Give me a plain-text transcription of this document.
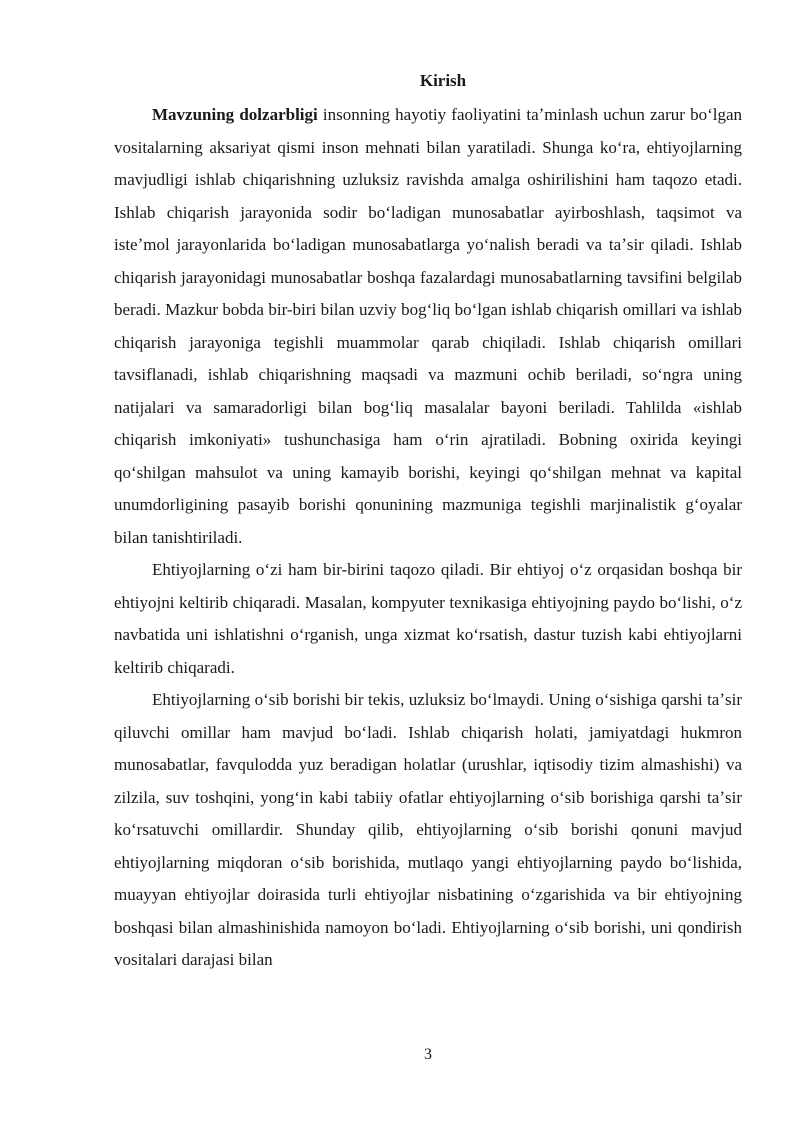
Kirish

Mavzuning dolzarbligi insonning hayotiy faoliyatini taʼminlash uchun zarur boʻlgan vositalarning aksariyat qismi inson mehnati bilan yaratiladi. Shunga koʻra, ehtiyojlarning mavjudligi ishlab chiqarishning uzluksiz ravishda amalga oshirilishini ham taqozo etadi. Ishlab chiqarish jarayonida sodir boʻladigan munosabatlar ayirboshlash, taqsimot va isteʼmol jarayonlarida boʻladigan munosabatlarga yoʻnalish beradi va taʼsir qiladi. Ishlab chiqarish jarayonidagi munosabatlar boshqa fazalardagi munosabatlarning tavsifini belgilab beradi. Mazkur bobda bir-biri bilan uzviy bogʻliq boʻlgan ishlab chiqarish omillari va ishlab chiqarish jarayoniga tegishli muammolar qarab chiqiladi. Ishlab chiqarish omillari tavsiflanadi, ishlab chiqarishning maqsadi va mazmuni ochib beriladi, soʻngra uning natijalari va samaradorligi bilan bogʻliq masalalar bayoni beriladi. Tahlilda «ishlab chiqarish imkoniyati» tushunchasiga ham oʻrin ajratiladi. Bobning oxirida keyingi qoʻshilgan mahsulot va uning kamayib borishi, keyingi qoʻshilgan mehnat va kapital unumdorligining pasayib borishi qonunining mazmuniga tegishli marjinalistik gʻoyalar bilan tanishtiriladi.

Ehtiyojlarning oʻzi ham bir-birini taqozo qiladi. Bir ehtiyoj oʻz orqasidan boshqa bir ehtiyojni keltirib chiqaradi. Masalan, kompyuter texnikasiga ehtiyojning paydo boʻlishi, oʻz navbatida uni ishlatishni oʻrganish, unga xizmat koʻrsatish, dastur tuzish kabi ehtiyojlarni keltirib chiqaradi.

Ehtiyojlarning oʻsib borishi bir tekis, uzluksiz boʻlmaydi. Uning oʻsishiga qarshi taʼsir qiluvchi omillar ham mavjud boʻladi. Ishlab chiqarish holati, jamiyatdagi hukmron munosabatlar, favqulodda yuz beradigan holatlar (urushlar, iqtisodiy tizim almashishi) va zilzila, suv toshqini, yongʻin kabi tabiiy ofatlar ehtiyojlarning oʻsib borishiga qarshi taʼsir koʻrsatuvchi omillardir. Shunday qilib, ehtiyojlarning oʻsib borishi qonuni mavjud ehtiyojlarning miqdoran oʻsib borishida, mutlaqo yangi ehtiyojlarning paydo boʻlishida, muayyan ehtiyojlar doirasida turli ehtiyojlar nisbatining oʻzgarishida va bir ehtiyojning boshqasi bilan almashinishida namoyon boʻladi. Ehtiyojlarning oʻsib borishi, uni qondirish vositalari darajasi bilan

3
